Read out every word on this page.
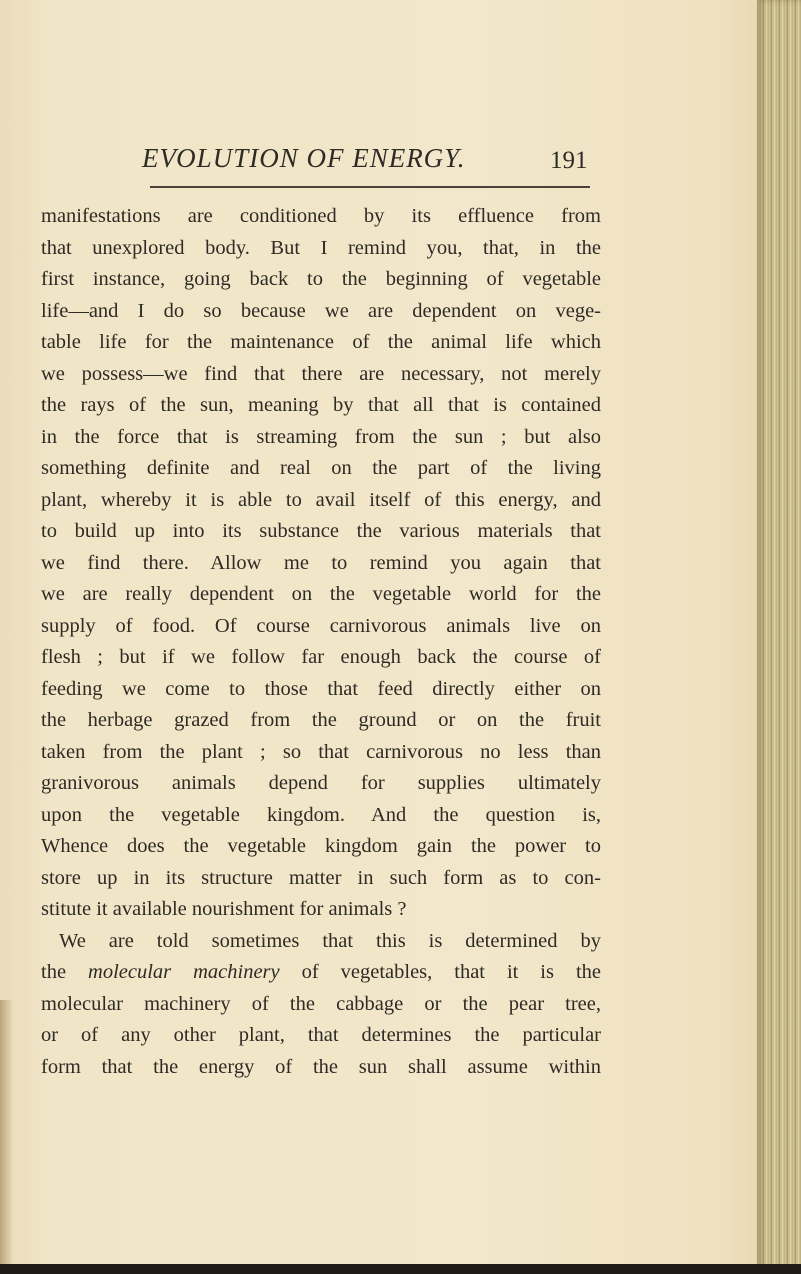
EVOLUTION OF ENERGY.	191
manifestations are conditioned by its effluence from
that unexplored body. But I remind you, that, in the
first instance, going back to the beginning of vegetable
life—and I do so because we are dependent on vege-
table life for the maintenance of the animal life which
we possess—we find that there are necessary, not merely
the rays of the sun, meaning by that all that is contained
in the force that is streaming from the sun ; but also
something definite and real on the part of the living
plant, whereby it is able to avail itself of this energy, and
to build up into its substance the various materials that
we find there. Allow me to remind you again that
we are really dependent on the vegetable world for the
supply of food. Of course carnivorous animals live on
flesh ; but if we follow far enough back the course of
feeding we come to those that feed directly either on
the herbage grazed from the ground or on the fruit
taken from the plant ; so that carnivorous no less than
granivorous animals depend for supplies ultimately
upon the vegetable kingdom. And the question is,
Whence does the vegetable kingdom gain the power to
store up in its structure matter in such form as to con-
stitute it available nourishment for animals ?
We are told sometimes that this is determined by
the molecular machinery of vegetables, that it is the
molecular machinery of the cabbage or the pear tree,
or of any other plant, that determines the particular
form that the energy of the sun shall assume within
